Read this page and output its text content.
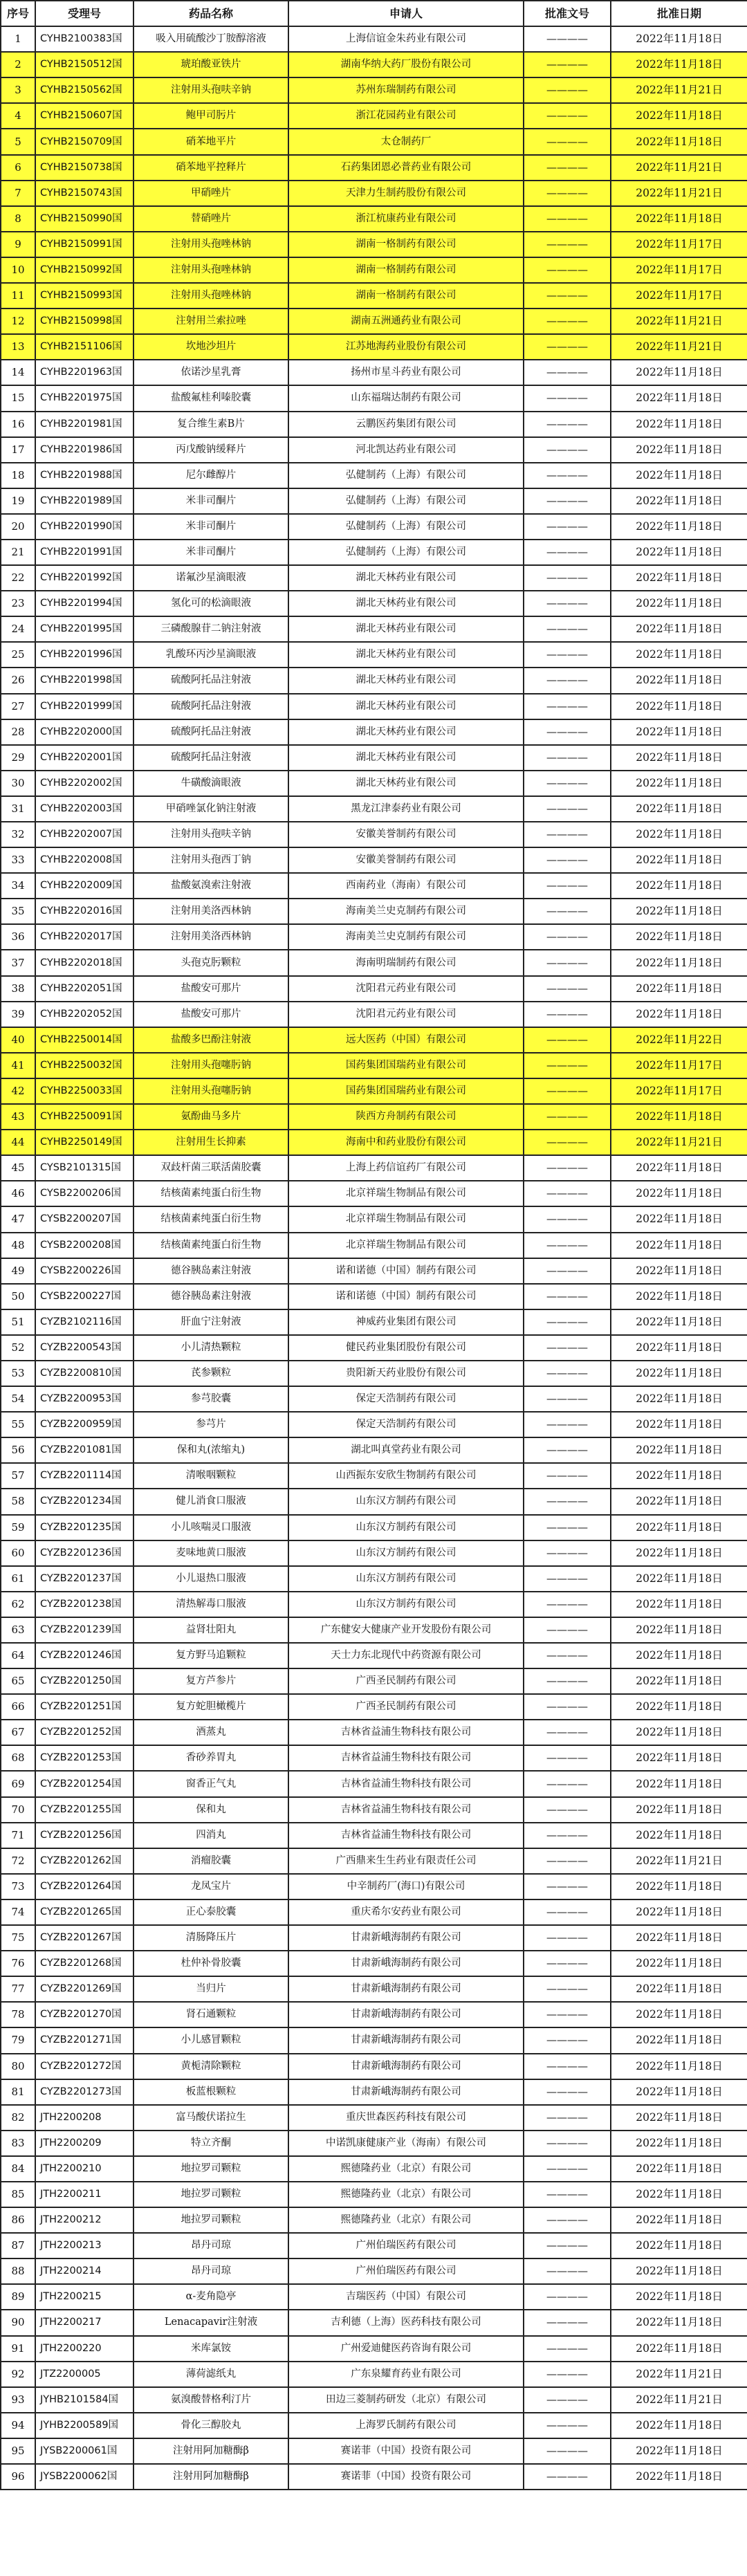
序号	受理号	药品名称	申请人	批准文号	批准日期
1	CYHB2100383国	吸入用硫酸沙丁胺醇溶液	上海信谊金朱药业有限公司	————	2022年11月18日
2	CYHB2150512国	琥珀酸亚铁片	湖南华纳大药厂股份有限公司	————	2022年11月18日
3	CYHB2150562国	注射用头孢呋辛钠	苏州东瑞制药有限公司	————	2022年11月21日
4	CYHB2150607国	鲍甲司肟片	浙江花园药业有限公司	————	2022年11月18日
5	CYHB2150709国	硝苯地平片	太仓制药厂	————	2022年11月18日
6	CYHB2150738国	硝苯地平控释片	石药集团恩必普药业有限公司	————	2022年11月21日
7	CYHB2150743国	甲硝唑片	天津力生制药股份有限公司	————	2022年11月21日
8	CYHB2150990国	替硝唑片	浙江杭康药业有限公司	————	2022年11月18日
9	CYHB2150991国	注射用头孢唑林钠	湖南一格制药有限公司	————	2022年11月17日
10	CYHB2150992国	注射用头孢唑林钠	湖南一格制药有限公司	————	2022年11月17日
11	CYHB2150993国	注射用头孢唑林钠	湖南一格制药有限公司	————	2022年11月17日
12	CYHB2150998国	注射用兰索拉唑	湖南五洲通药业有限公司	————	2022年11月21日
13	CYHB2151106国	坎地沙坦片	江苏地海药业股份有限公司	————	2022年11月21日
14	CYHB2201963国	依诺沙星乳膏	扬州市星斗药业有限公司	————	2022年11月18日
15	CYHB2201975国	盐酸氟桂利嗪胶囊	山东福瑞达制药有限公司	————	2022年11月18日
16	CYHB2201981国	复合维生素B片	云鹏医药集团有限公司	————	2022年11月18日
17	CYHB2201986国	丙戊酸钠缓释片	河北凯达药业有限公司	————	2022年11月18日
18	CYHB2201988国	尼尔雌醇片	弘健制药（上海）有限公司	————	2022年11月18日
19	CYHB2201989国	米非司酮片	弘健制药（上海）有限公司	————	2022年11月18日
20	CYHB2201990国	米非司酮片	弘健制药（上海）有限公司	————	2022年11月18日
21	CYHB2201991国	米非司酮片	弘健制药（上海）有限公司	————	2022年11月18日
22	CYHB2201992国	诺氟沙星滴眼液	湖北天林药业有限公司	————	2022年11月18日
23	CYHB2201994国	氢化可的松滴眼液	湖北天林药业有限公司	————	2022年11月18日
24	CYHB2201995国	三磷酸腺苷二钠注射液	湖北天林药业有限公司	————	2022年11月18日
25	CYHB2201996国	乳酸环丙沙星滴眼液	湖北天林药业有限公司	————	2022年11月18日
26	CYHB2201998国	硫酸阿托品注射液	湖北天林药业有限公司	————	2022年11月18日
27	CYHB2201999国	硫酸阿托品注射液	湖北天林药业有限公司	————	2022年11月18日
28	CYHB2202000国	硫酸阿托品注射液	湖北天林药业有限公司	————	2022年11月18日
29	CYHB2202001国	硫酸阿托品注射液	湖北天林药业有限公司	————	2022年11月18日
30	CYHB2202002国	牛磺酸滴眼液	湖北天林药业有限公司	————	2022年11月18日
31	CYHB2202003国	甲硝唑氯化钠注射液	黑龙江津泰药业有限公司	————	2022年11月18日
32	CYHB2202007国	注射用头孢呋辛钠	安徽美誉制药有限公司	————	2022年11月18日
33	CYHB2202008国	注射用头孢西丁钠	安徽美誉制药有限公司	————	2022年11月18日
34	CYHB2202009国	盐酸氨溴索注射液	西南药业（海南）有限公司	————	2022年11月18日
35	CYHB2202016国	注射用美洛西林钠	海南美兰史克制药有限公司	————	2022年11月18日
36	CYHB2202017国	注射用美洛西林钠	海南美兰史克制药有限公司	————	2022年11月18日
37	CYHB2202018国	头孢克肟颗粒	海南明瑞制药有限公司	————	2022年11月18日
38	CYHB2202051国	盐酸安可那片	沈阳君元药业有限公司	————	2022年11月18日
39	CYHB2202052国	盐酸安可那片	沈阳君元药业有限公司	————	2022年11月18日
40	CYHB2250014国	盐酸多巴酚注射液	远大医药（中国）有限公司	————	2022年11月22日
41	CYHB2250032国	注射用头孢噻肟钠	国药集团国瑞药业有限公司	————	2022年11月17日
42	CYHB2250033国	注射用头孢噻肟钠	国药集团国瑞药业有限公司	————	2022年11月17日
43	CYHB2250091国	氨酚曲马多片	陕西方舟制药有限公司	————	2022年11月18日
44	CYHB2250149国	注射用生长抑素	海南中和药业股份有限公司	————	2022年11月21日
45	CYSB2101315国	双歧杆菌三联活菌胶囊	上海上药信谊药厂有限公司	————	2022年11月18日
46	CYSB2200206国	结核菌素纯蛋白衍生物	北京祥瑞生物制品有限公司	————	2022年11月18日
47	CYSB2200207国	结核菌素纯蛋白衍生物	北京祥瑞生物制品有限公司	————	2022年11月18日
48	CYSB2200208国	结核菌素纯蛋白衍生物	北京祥瑞生物制品有限公司	————	2022年11月18日
49	CYSB2200226国	德谷胰岛素注射液	诺和诺德（中国）制药有限公司	————	2022年11月18日
50	CYSB2200227国	德谷胰岛素注射液	诺和诺德（中国）制药有限公司	————	2022年11月18日
51	CYZB2102116国	肝血宁注射液	神威药业集团有限公司	————	2022年11月18日
52	CYZB2200543国	小儿清热颗粒	健民药业集团股份有限公司	————	2022年11月18日
53	CYZB2200810国	芪参颗粒	贵阳新天药业股份有限公司	————	2022年11月18日
54	CYZB2200953国	参芎胶囊	保定天浩制药有限公司	————	2022年11月18日
55	CYZB2200959国	参芎片	保定天浩制药有限公司	————	2022年11月18日
56	CYZB2201081国	保和丸(浓缩丸)	湖北叫真堂药业有限公司	————	2022年11月18日
57	CYZB2201114国	清喉咽颗粒	山西振东安欣生物制药有限公司	————	2022年11月18日
58	CYZB2201234国	健儿消食口服液	山东汉方制药有限公司	————	2022年11月18日
59	CYZB2201235国	小儿咳喘灵口服液	山东汉方制药有限公司	————	2022年11月18日
60	CYZB2201236国	麦味地黄口服液	山东汉方制药有限公司	————	2022年11月18日
61	CYZB2201237国	小儿退热口服液	山东汉方制药有限公司	————	2022年11月18日
62	CYZB2201238国	清热解毒口服液	山东汉方制药有限公司	————	2022年11月18日
63	CYZB2201239国	益肾壮阳丸	广东健安大健康产业开发股份有限公司	————	2022年11月18日
64	CYZB2201246国	复方野马追颗粒	天士力东北现代中药资源有限公司	————	2022年11月18日
65	CYZB2201250国	复方芦参片	广西圣民制药有限公司	————	2022年11月18日
66	CYZB2201251国	复方蛇胆橄榄片	广西圣民制药有限公司	————	2022年11月18日
67	CYZB2201252国	酒蒸丸	吉林省益浦生物科技有限公司	————	2022年11月18日
68	CYZB2201253国	香砂养胃丸	吉林省益浦生物科技有限公司	————	2022年11月18日
69	CYZB2201254国	窗香正气丸	吉林省益浦生物科技有限公司	————	2022年11月18日
70	CYZB2201255国	保和丸	吉林省益浦生物科技有限公司	————	2022年11月18日
71	CYZB2201256国	四消丸	吉林省益浦生物科技有限公司	————	2022年11月18日
72	CYZB2201262国	消瘤胶囊	广西鼎来生生药业有限责任公司	————	2022年11月21日
73	CYZB2201264国	龙凤宝片	中辛制药厂(海口)有限公司	————	2022年11月18日
74	CYZB2201265国	正心泰胶囊	重庆希尔安药业有限公司	————	2022年11月18日
75	CYZB2201267国	清肠降压片	甘肃新峨海制药有限公司	————	2022年11月18日
76	CYZB2201268国	杜仲补骨胶囊	甘肃新峨海制药有限公司	————	2022年11月18日
77	CYZB2201269国	当归片	甘肃新峨海制药有限公司	————	2022年11月18日
78	CYZB2201270国	肾石通颗粒	甘肃新峨海制药有限公司	————	2022年11月18日
79	CYZB2201271国	小儿感冒颗粒	甘肃新峨海制药有限公司	————	2022年11月18日
80	CYZB2201272国	黄栀清除颗粒	甘肃新峨海制药有限公司	————	2022年11月18日
81	CYZB2201273国	板蓝根颗粒	甘肃新峨海制药有限公司	————	2022年11月18日
82	JTH2200208	富马酸伏诺拉生	重庆世森医药科技有限公司	————	2022年11月18日
83	JTH2200209	特立齐酮	中诺凯康健康产业（海南）有限公司	————	2022年11月18日
84	JTH2200210	地拉罗司颗粒	熙德隆药业（北京）有限公司	————	2022年11月18日
85	JTH2200211	地拉罗司颗粒	熙德隆药业（北京）有限公司	————	2022年11月18日
86	JTH2200212	地拉罗司颗粒	熙德隆药业（北京）有限公司	————	2022年11月18日
87	JTH2200213	昂丹司琼	广州伯瑞医药有限公司	————	2022年11月18日
88	JTH2200214	昂丹司琼	广州伯瑞医药有限公司	————	2022年11月18日
89	JTH2200215	α-麦角隐亭	吉瑞医药（中国）有限公司	————	2022年11月18日
90	JTH2200217	Lenacapavir注射液	吉利德（上海）医药科技有限公司	————	2022年11月18日
91	JTH2200220	米库氯铵	广州爱迪健医药咨询有限公司	————	2022年11月18日
92	JTZ2200005	薄荷滤纸丸	广东泉耀育药业有限公司	————	2022年11月21日
93	JYHB2101584国	氨溴酸替格利汀片	田边三菱制药研发（北京）有限公司	————	2022年11月21日
94	JYHB2200589国	骨化三醇胶丸	上海罗氏制药有限公司	————	2022年11月18日
95	JYSB2200061国	注射用阿加糖酶β	赛诺菲（中国）投资有限公司	————	2022年11月18日
96	JYSB2200062国	注射用阿加糖酶β	赛诺菲（中国）投资有限公司	————	2022年11月18日
